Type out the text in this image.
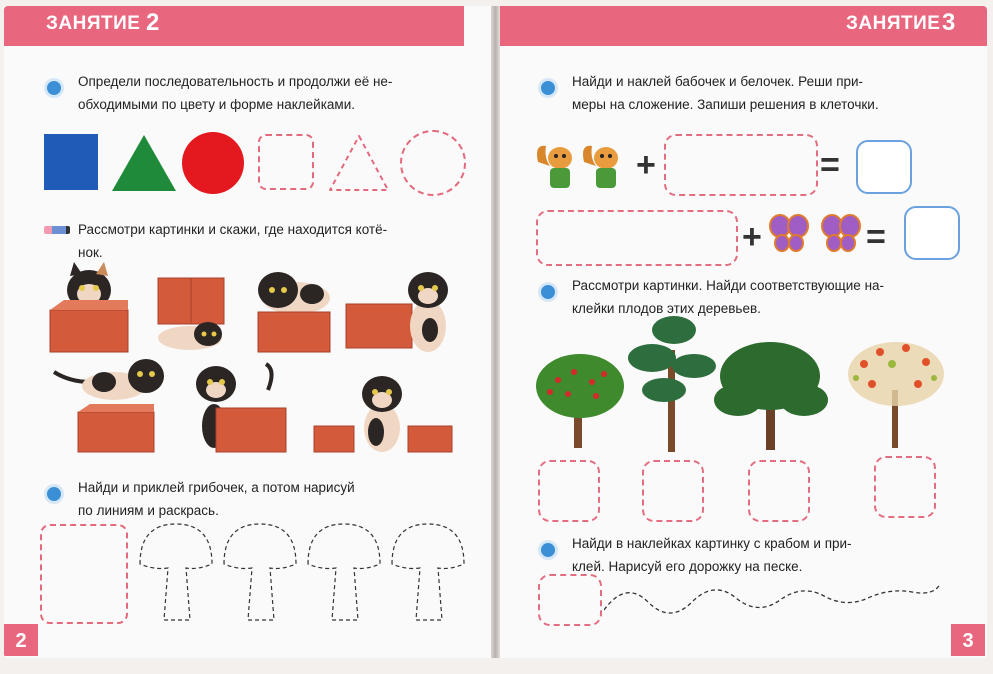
ЗАНЯТИЕ 2
Определи последовательность и продолжи её не-
обходимыми по цвету и форме наклейками.
Рассмотри картинки и скажи, где находится котё-
нок.
Найди и приклей грибочек, а потом нарисуй
по линиям и раскрась.
2
ЗАНЯТИЕ 3
Найди и наклей бабочек и белочек. Реши при-
меры на сложение. Запиши решения в клеточки.
+	=
+	=
Рассмотри картинки. Найди соответствующие на-
клейки плодов этих деревьев.
Найди в наклейках картинку с крабом и при-
клей. Нарисуй его дорожку на песке.
3
